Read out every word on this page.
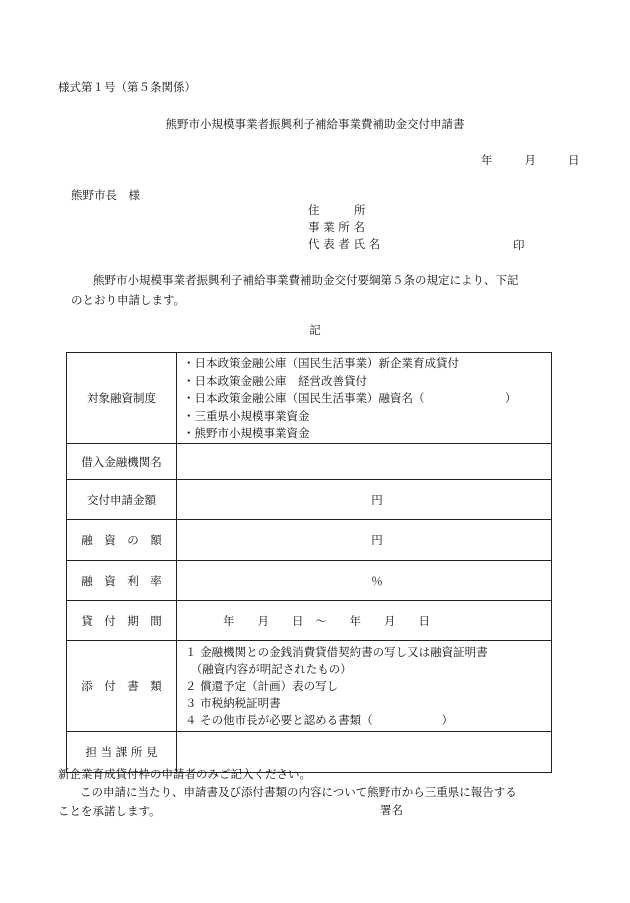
様式第１号（第５条関係）
熊野市小規模事業者振興利子補給事業費補助金交付申請書
年	月	日
熊野市長　様
住　　　所
事 業 所 名
代 表 者 氏 名	印
熊野市小規模事業者振興利子補給事業費補助金交付要綱第５条の規定により、下記
のとおり申請します。
記
対象融資制度	・日本政策金融公庫（国民生活事業）新企業育成貸付
・日本政策金融公庫　経営改善貸付
・日本政策金融公庫（国民生活事業）融資名（　　　　　　　）
・三重県小規模事業資金
・熊野市小規模事業資金

借入金融機関名	
交付申請金額	円
融　資　の　額	円
融　資　利　率	％
貸　付　期　間	年　　月　　日　～　　年　　月　　日
添　付　書　類	１ 金融機関との金銭消費貸借契約書の写し又は融資証明書
　（融資内容が明記されたもの）
２ 償還予定（計画）表の写し
３ 市税納税証明書
４ その他市長が必要と認める書類（　　　　　　）

担 当 課 所 見	
新企業育成貸付枠の申請者のみご記入ください。
この申請に当たり、申請書及び添付書類の内容について熊野市から三重県に報告する
ことを承諾します。	署名
